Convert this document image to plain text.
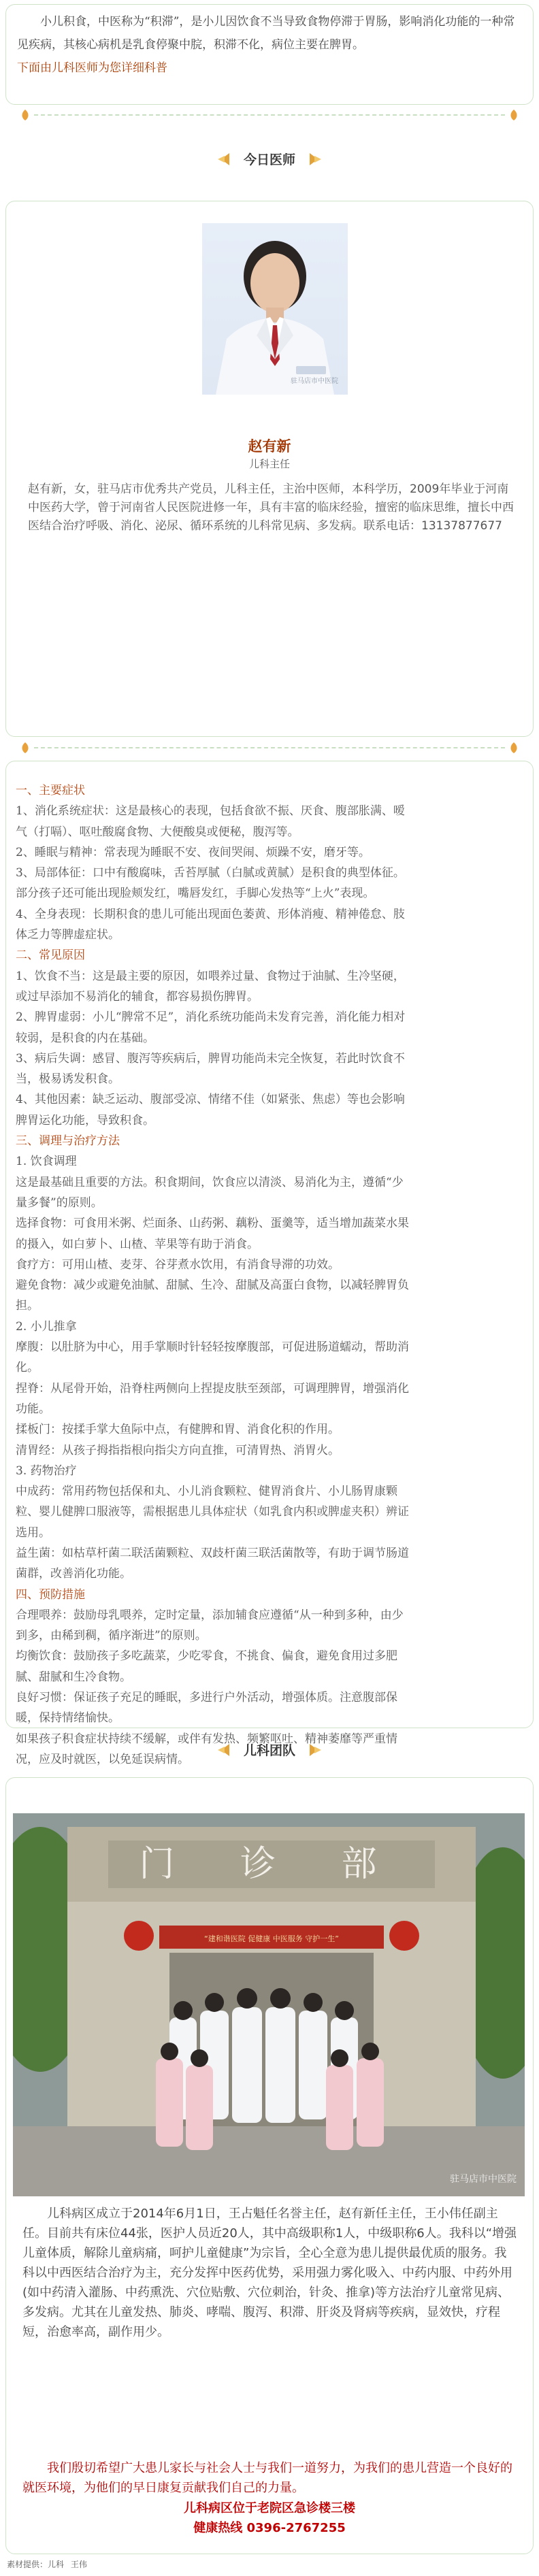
小儿积食，中医称为“积滞”，是小儿因饮食不当导致食物停滞于胃肠，影响消化功能的一种常见疾病，其核心病机是乳食停聚中脘，积滞不化，病位主要在脾胃。

下面由儿科医师为您详细科普

今日医师
驻马店市中医院
赵有新
儿科主任
赵有新，女，驻马店市优秀共产党员，儿科主任，主治中医师，本科学历，2009年毕业于河南中医药大学，曾于河南省人民医院进修一年，具有丰富的临床经验，擅密的临床思维，擅长中西医结合治疗呼吸、消化、泌尿、循环系统的儿科常见病、多发病。联系电话：13137877677
一、主要症状
1、消化系统症状：这是最核心的表现，包括食欲不振、厌食、腹部胀满、嗳
气（打嗝）、呕吐酸腐食物、大便酸臭或便秘，腹泻等。
2、睡眠与精神：常表现为睡眠不安、夜间哭闹、烦躁不安，磨牙等。
3、局部体征：口中有酸腐味，舌苔厚腻（白腻或黄腻）是积食的典型体征。
部分孩子还可能出现脸颊发红，嘴唇发红，手脚心发热等“上火”表现。
4、全身表现：长期积食的患儿可能出现面色萎黄、形体消瘦、精神倦怠、肢
体乏力等脾虚症状。
二、常见原因
1、饮食不当：这是最主要的原因，如喂养过量、食物过于油腻、生冷坚硬，
或过早添加不易消化的辅食，都容易损伤脾胃。
2、脾胃虚弱：小儿“脾常不足”，消化系统功能尚未发育完善，消化能力相对
较弱，是积食的内在基础。
3、病后失调：感冒、腹泻等疾病后，脾胃功能尚未完全恢复，若此时饮食不
当，极易诱发积食。
4、其他因素：缺乏运动、腹部受凉、情绪不佳（如紧张、焦虑）等也会影响
脾胃运化功能，导致积食。
三、调理与治疗方法
1. 饮食调理
这是最基础且重要的方法。积食期间，饮食应以清淡、易消化为主，遵循“少
量多餐”的原则。
选择食物：可食用米粥、烂面条、山药粥、藕粉、蛋羹等，适当增加蔬菜水果
的摄入，如白萝卜、山楂、苹果等有助于消食。
食疗方：可用山楂、麦芽、谷芽煮水饮用，有消食导滞的功效。
避免食物：减少或避免油腻、甜腻、生冷、甜腻及高蛋白食物，以减轻脾胃负
担。
2. 小儿推拿
摩腹：以肚脐为中心，用手掌顺时针轻轻按摩腹部，可促进肠道蠕动，帮助消
化。
捏脊：从尾骨开始，沿脊柱两侧向上捏提皮肤至颈部，可调理脾胃，增强消化
功能。
揉板门：按揉手掌大鱼际中点，有健脾和胃、消食化积的作用。
清胃经：从孩子拇指指根向指尖方向直推，可清胃热、消胃火。
3. 药物治疗
中成药：常用药物包括保和丸、小儿消食颗粒、健胃消食片、小儿肠胃康颗
粒、婴儿健脾口服液等，需根据患儿具体症状（如乳食内积或脾虚夹积）辨证
选用。
益生菌：如枯草杆菌二联活菌颗粒、双歧杆菌三联活菌散等，有助于调节肠道
菌群，改善消化功能。
四、预防措施
合理喂养：鼓励母乳喂养，定时定量，添加辅食应遵循“从一种到多种，由少
到多，由稀到稠，循序渐进”的原则。
均衡饮食：鼓励孩子多吃蔬菜，少吃零食，不挑食、偏食，避免食用过多肥
腻、甜腻和生冷食物。
良好习惯：保证孩子充足的睡眠，多进行户外活动，增强体质。注意腹部保
暖，保持情绪愉快。
如果孩子积食症状持续不缓解，或伴有发热、频繁呕吐、精神萎靡等严重情
况，应及时就医，以免延误病情。
儿科团队
门 诊 部
“建和谐医院 促健康 中医服务 守护一生”
驻马店市中医院
儿科病区成立于2014年6月1日，王占魁任名誉主任，赵有新任主任，王小伟任副主任。目前共有床位44张，医护人员近20人，其中高级职称1人，中级职称6人。我科以“增强儿童体质，解除儿童病痛，呵护儿童健康”为宗旨，全心全意为患儿提供最优质的服务。我科以中西医结合治疗为主，充分发挥中医药优势，采用强力雾化吸入、中药内服、中药外用(如中药清入灌肠、中药熏洗、穴位贴敷、穴位刺治，针灸、推拿)等方法治疗儿童常见病、多发病。尤其在儿童发热、肺炎、哮喘、腹泻、积滞、肝炎及肾病等疾病，显效快，疗程短，治愈率高，副作用少。
我们殷切希望广大患儿家长与社会人士与我们一道努力，为我们的患儿营造一个良好的就医环境，为他们的早日康复贡献我们自己的力量。
儿科病区位于老院区急诊楼三楼
健康热线 0396-2767255
素材提供：儿科 王伟
